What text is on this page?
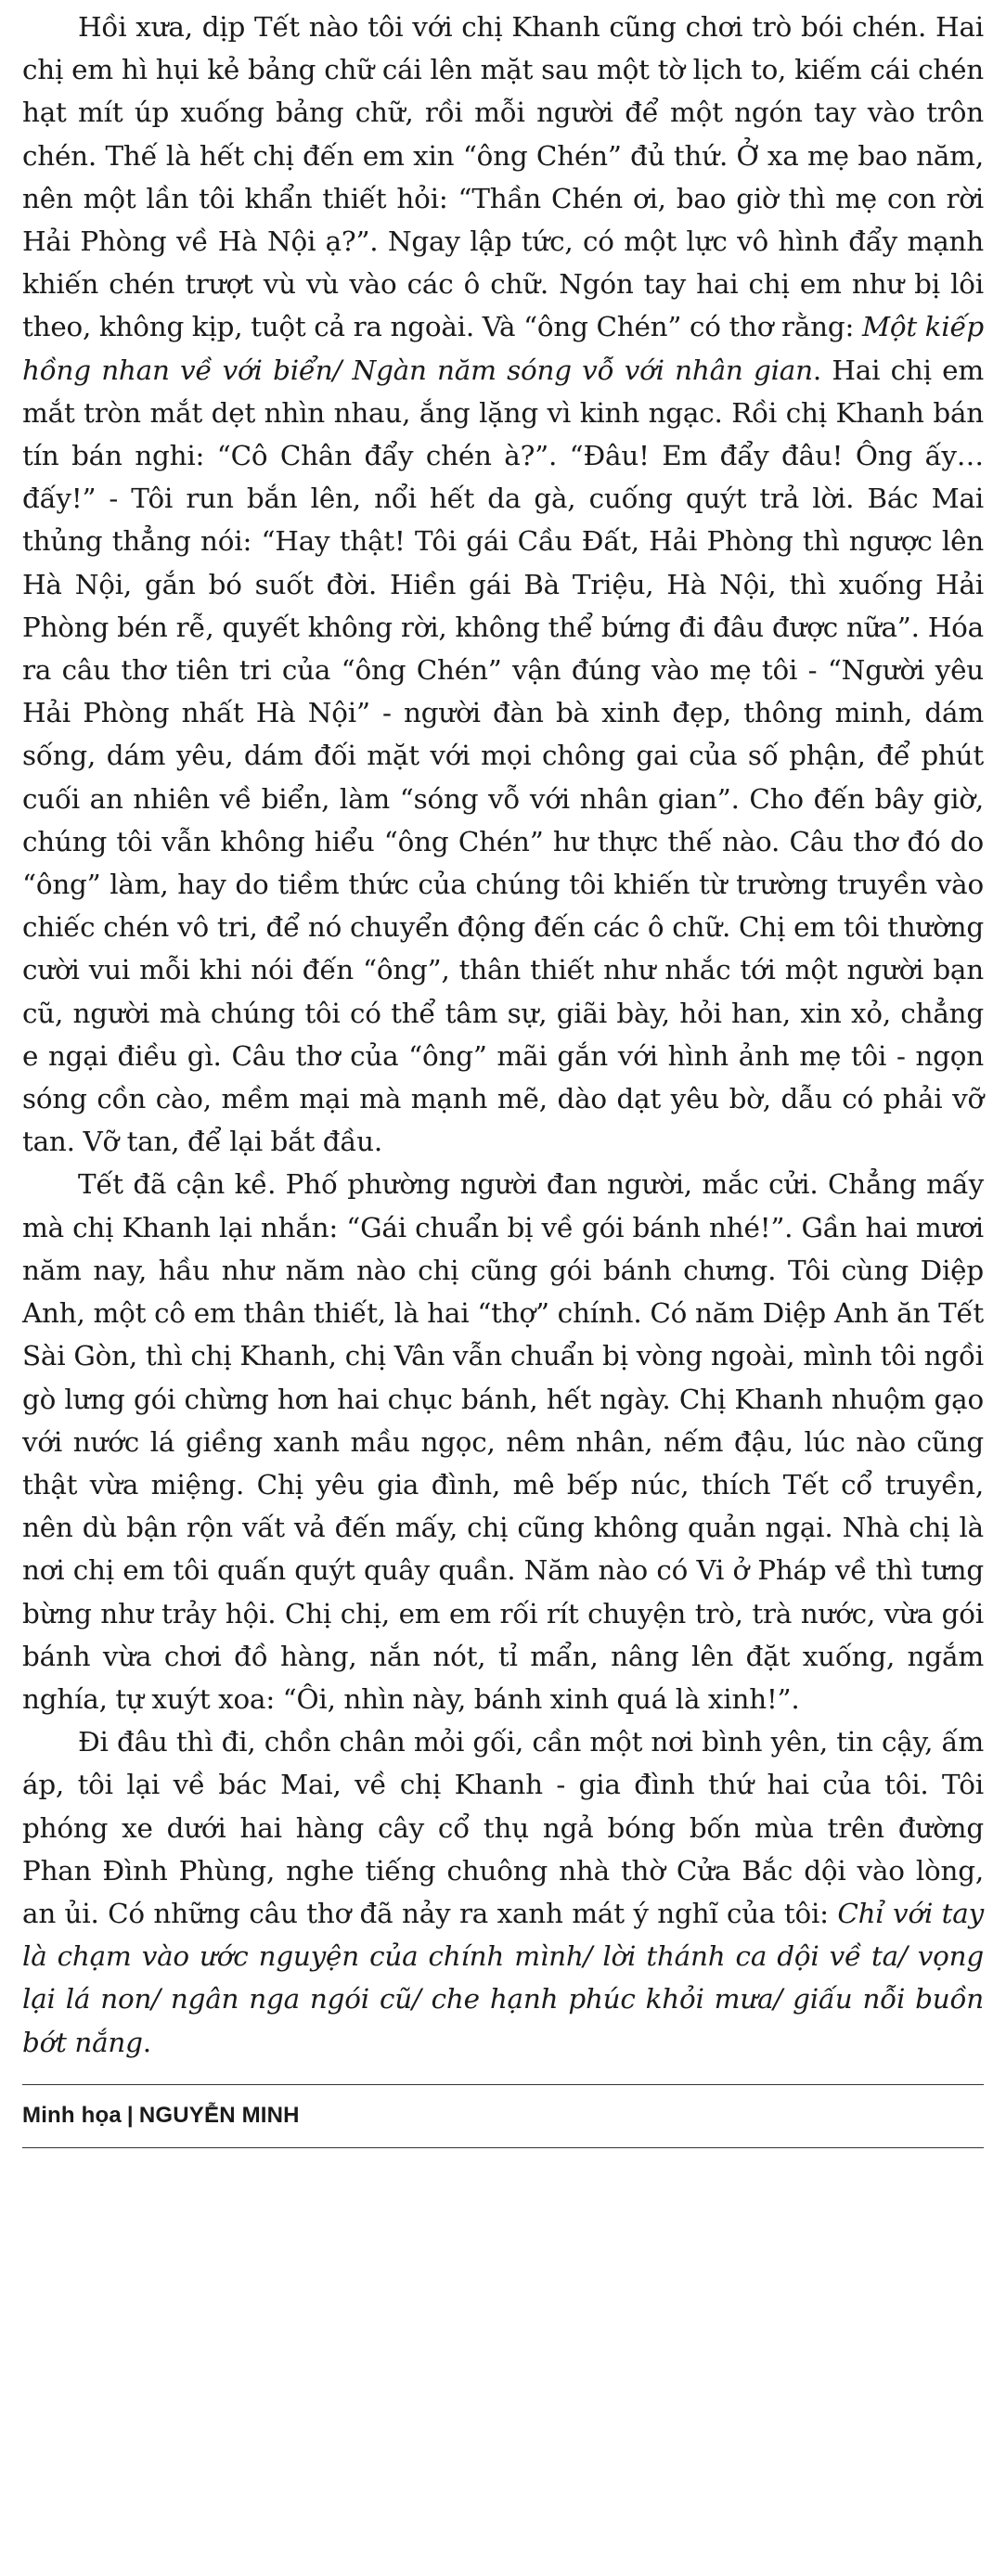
Hồi xưa, dịp Tết nào tôi với chị Khanh cũng chơi trò bói chén. Hai chị em hì hụi kẻ bảng chữ cái lên mặt sau một tờ lịch to, kiếm cái chén hạt mít úp xuống bảng chữ, rồi mỗi người để một ngón tay vào trôn chén. Thế là hết chị đến em xin “ông Chén” đủ thứ. Ở xa mẹ bao năm, nên một lần tôi khẩn thiết hỏi: “Thần Chén ơi, bao giờ thì mẹ con rời Hải Phòng về Hà Nội ạ?”. Ngay lập tức, có một lực vô hình đẩy mạnh khiến chén trượt vù vù vào các ô chữ. Ngón tay hai chị em như bị lôi theo, không kịp, tuột cả ra ngoài. Và “ông Chén” có thơ rằng: Một kiếp hồng nhan về với biển/ Ngàn năm sóng vỗ với nhân gian. Hai chị em mắt tròn mắt dẹt nhìn nhau, ắng lặng vì kinh ngạc. Rồi chị Khanh bán tín bán nghi: “Cô Chân đẩy chén à?”. “Đâu! Em đẩy đâu! Ông ấy… đấy!” - Tôi run bắn lên, nổi hết da gà, cuống quýt trả lời. Bác Mai thủng thẳng nói: “Hay thật! Tôi gái Cầu Đất, Hải Phòng thì ngược lên Hà Nội, gắn bó suốt đời. Hiền gái Bà Triệu, Hà Nội, thì xuống Hải Phòng bén rễ, quyết không rời, không thể bứng đi đâu được nữa”. Hóa ra câu thơ tiên tri của “ông Chén” vận đúng vào mẹ tôi - “Người yêu Hải Phòng nhất Hà Nội” - người đàn bà xinh đẹp, thông minh, dám sống, dám yêu, dám đối mặt với mọi chông gai của số phận, để phút cuối an nhiên về biển, làm “sóng vỗ với nhân gian”. Cho đến bây giờ, chúng tôi vẫn không hiểu “ông Chén” hư thực thế nào. Câu thơ đó do “ông” làm, hay do tiềm thức của chúng tôi khiến từ trường truyền vào chiếc chén vô tri, để nó chuyển động đến các ô chữ. Chị em tôi thường cười vui mỗi khi nói đến “ông”, thân thiết như nhắc tới một người bạn cũ, người mà chúng tôi có thể tâm sự, giãi bày, hỏi han, xin xỏ, chẳng e ngại điều gì. Câu thơ của “ông” mãi gắn với hình ảnh mẹ tôi - ngọn sóng cồn cào, mềm mại mà mạnh mẽ, dào dạt yêu bờ, dẫu có phải vỡ tan. Vỡ tan, để lại bắt đầu.

Tết đã cận kề. Phố phường người đan người, mắc cửi. Chẳng mấy mà chị Khanh lại nhắn: “Gái chuẩn bị về gói bánh nhé!”. Gần hai mươi năm nay, hầu như năm nào chị cũng gói bánh chưng. Tôi cùng Diệp Anh, một cô em thân thiết, là hai “thợ” chính. Có năm Diệp Anh ăn Tết Sài Gòn, thì chị Khanh, chị Vân vẫn chuẩn bị vòng ngoài, mình tôi ngồi gò lưng gói chừng hơn hai chục bánh, hết ngày. Chị Khanh nhuộm gạo với nước lá giềng xanh mầu ngọc, nêm nhân, nếm đậu, lúc nào cũng thật vừa miệng. Chị yêu gia đình, mê bếp núc, thích Tết cổ truyền, nên dù bận rộn vất vả đến mấy, chị cũng không quản ngại. Nhà chị là nơi chị em tôi quấn quýt quây quần. Năm nào có Vi ở Pháp về thì tưng bừng như trảy hội. Chị chị, em em rối rít chuyện trò, trà nước, vừa gói bánh vừa chơi đồ hàng, nắn nót, tỉ mẩn, nâng lên đặt xuống, ngắm nghía, tự xuýt xoa: “Ôi, nhìn này, bánh xinh quá là xinh!”.

Đi đâu thì đi, chồn chân mỏi gối, cần một nơi bình yên, tin cậy, ấm áp, tôi lại về bác Mai, về chị Khanh - gia đình thứ hai của tôi. Tôi phóng xe dưới hai hàng cây cổ thụ ngả bóng bốn mùa trên đường Phan Đình Phùng, nghe tiếng chuông nhà thờ Cửa Bắc dội vào lòng, an ủi. Có những câu thơ đã nảy ra xanh mát ý nghĩ của tôi: Chỉ với tay là chạm vào ước nguyện của chính mình/ lời thánh ca dội về ta/ vọng lại lá non/ ngân nga ngói cũ/ che hạnh phúc khỏi mưa/ giấu nỗi buồn bớt nắng.

Minh họa | NGUYỄN MINH
